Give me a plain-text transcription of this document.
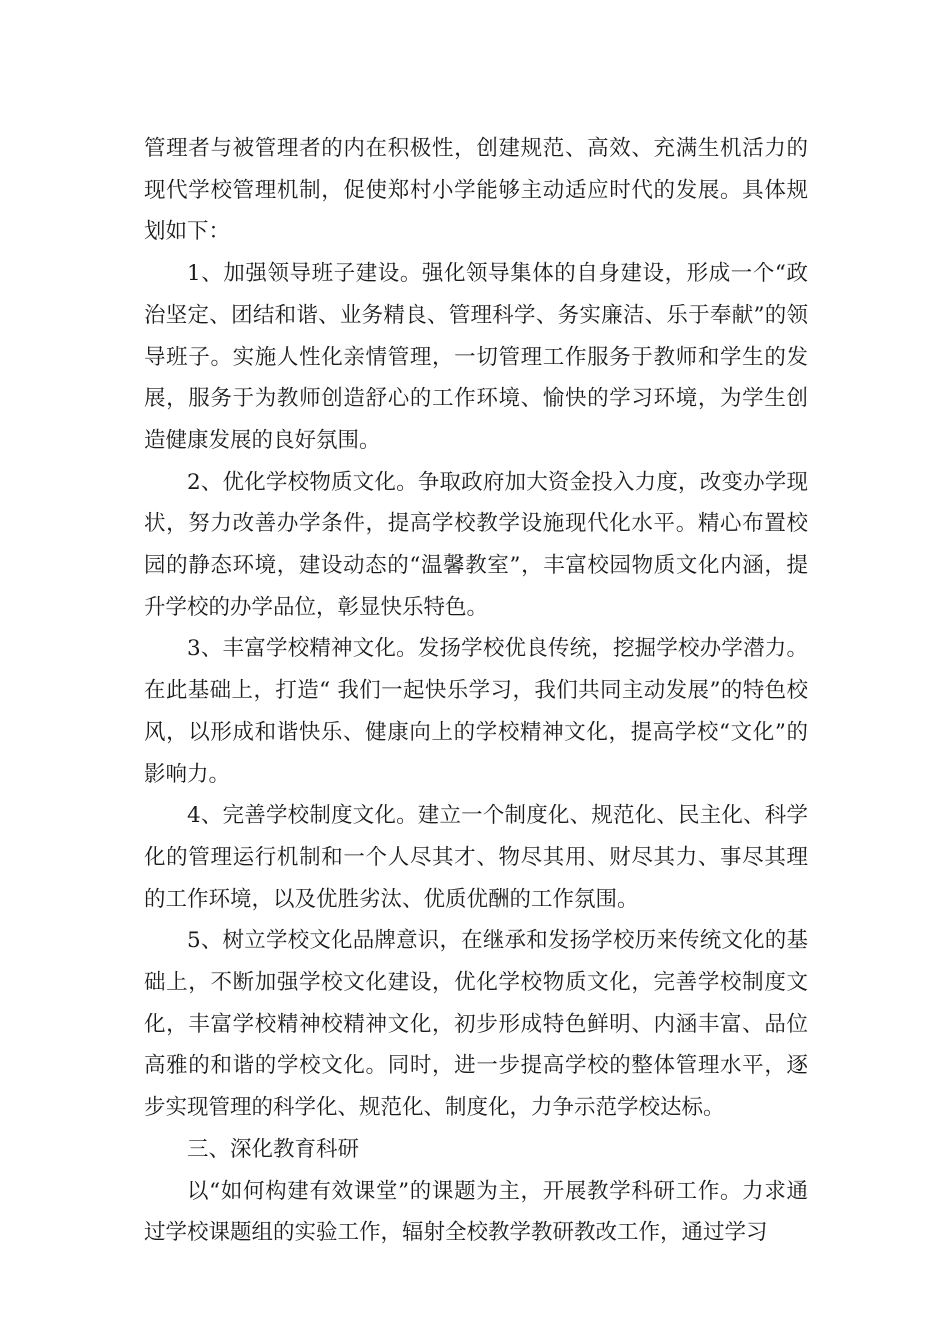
管理者与被管理者的内在积极性，创建规范、高效、充满生机活力的现代学校管理机制，促使郑村小学能够主动适应时代的发展。具体规划如下：

1、加强领导班子建设。强化领导集体的自身建设，形成一个“政治坚定、团结和谐、业务精良、管理科学、务实廉洁、乐于奉献”的领导班子。实施人性化亲情管理，一切管理工作服务于教师和学生的发展，服务于为教师创造舒心的工作环境、愉快的学习环境，为学生创造健康发展的良好氛围。

2、优化学校物质文化。争取政府加大资金投入力度，改变办学现状，努力改善办学条件，提高学校教学设施现代化水平。精心布置校园的静态环境，建设动态的“温馨教室”，丰富校园物质文化内涵，提升学校的办学品位，彰显快乐特色。

3、丰富学校精神文化。发扬学校优良传统，挖掘学校办学潜力。在此基础上，打造“ 我们一起快乐学习，我们共同主动发展”的特色校风，以形成和谐快乐、健康向上的学校精神文化，提高学校“文化”的影响力。

4、完善学校制度文化。建立一个制度化、规范化、民主化、科学化的管理运行机制和一个人尽其才、物尽其用、财尽其力、事尽其理的工作环境，以及优胜劣汰、优质优酬的工作氛围。

5、树立学校文化品牌意识，在继承和发扬学校历来传统文化的基础上，不断加强学校文化建设，优化学校物质文化，完善学校制度文化，丰富学校精神校精神文化，初步形成特色鲜明、内涵丰富、品位高雅的和谐的学校文化。同时，进一步提高学校的整体管理水平，逐步实现管理的科学化、规范化、制度化，力争示范学校达标。

三、深化教育科研

以“如何构建有效课堂”的课题为主，开展教学科研工作。力求通过学校课题组的实验工作，辐射全校教学教研教改工作，通过学习
